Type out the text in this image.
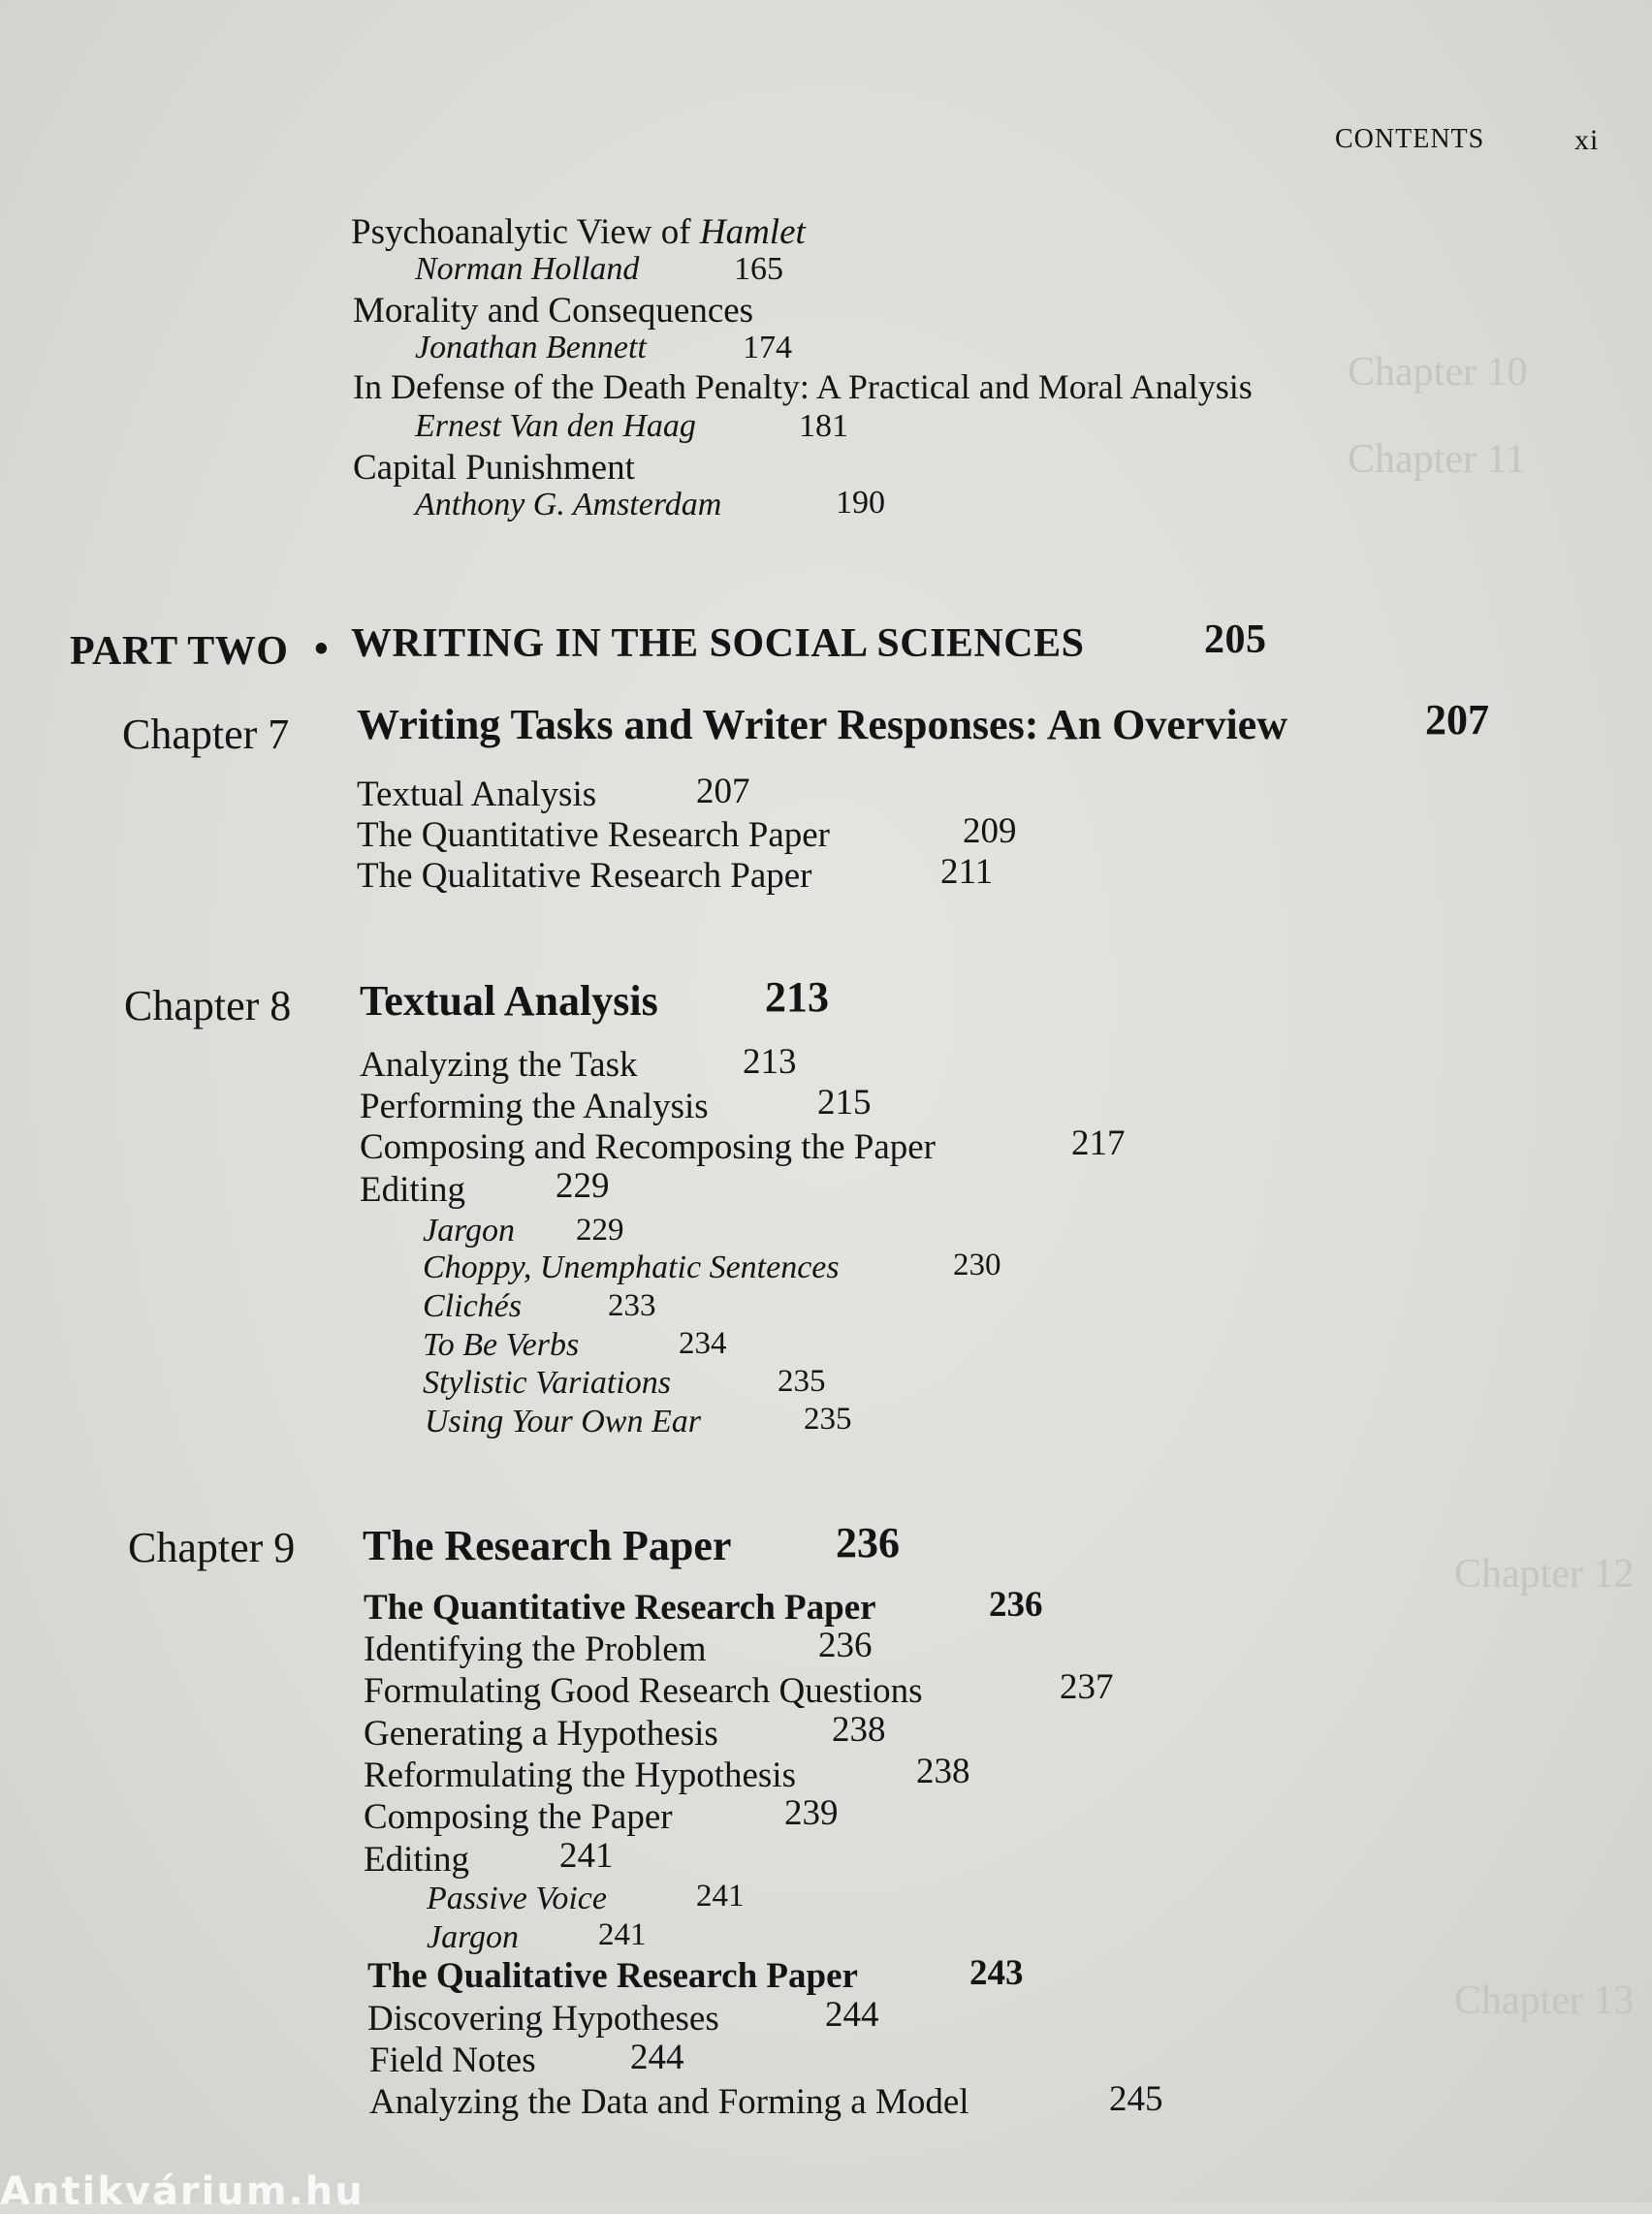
Chapter 10
Chapter 11
Chapter 12
Chapter 13
CONTENTS	xi
Psychoanalytic View of Hamlet
Norman Holland	165
Morality and Consequences
Jonathan Bennett	174
In Defense of the Death Penalty: A Practical and Moral Analysis
Ernest Van den Haag	181
Capital Punishment
Anthony G. Amsterdam	190
PART TWO • WRITING IN THE SOCIAL SCIENCES	205
Chapter 7 Writing Tasks and Writer Responses: An Overview	207
Textual Analysis	207
The Quantitative Research Paper	209
The Qualitative Research Paper	211
Chapter 8 Textual Analysis	213
Analyzing the Task	213
Performing the Analysis	215
Composing and Recomposing the Paper	217
Editing	229
Jargon 229
Choppy, Unemphatic Sentences	230
Clichés	233
To Be Verbs	234
Stylistic Variations	235
Using Your Own Ear	235
Chapter 9 The Research Paper 236
The Quantitative Research Paper	236
Identifying the Problem	236
Formulating Good Research Questions	237
Generating a Hypothesis	238
Reformulating the Hypothesis	238
Composing the Paper	239
Editing	241
Passive Voice	241
Jargon 241
The Qualitative Research Paper	243
Discovering Hypotheses	244
Field Notes	244
Analyzing the Data and Forming a Model	245
Antikvárium.hu
